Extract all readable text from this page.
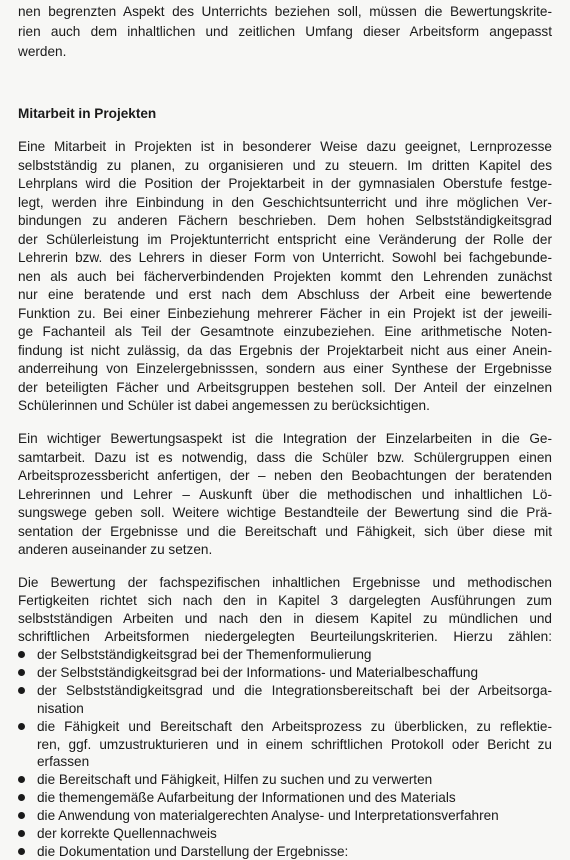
nen begrenzten Aspekt des Unterrichts beziehen soll, müssen die Bewertungskrite-
rien auch dem inhaltlichen und zeitlichen Umfang dieser Arbeitsform angepasst
werden.
Mitarbeit in Projekten
Eine Mitarbeit in Projekten ist in besonderer Weise dazu geeignet, Lernprozesse
selbstständig zu planen, zu organisieren und zu steuern. Im dritten Kapitel des
Lehrplans wird die Position der Projektarbeit in der gymnasialen Oberstufe festge-
legt, werden ihre Einbindung in den Geschichtsunterricht und ihre möglichen Ver-
bindungen zu anderen Fächern beschrieben. Dem hohen Selbstständigkeitsgrad
der Schülerleistung im Projektunterricht entspricht eine Veränderung der Rolle der
Lehrerin bzw. des Lehrers in dieser Form von Unterricht. Sowohl bei fachgebunde-
nen als auch bei fächerverbindenden Projekten kommt den Lehrenden zunächst
nur eine beratende und erst nach dem Abschluss der Arbeit eine bewertende
Funktion zu. Bei einer Einbeziehung mehrerer Fächer in ein Projekt ist der jeweili-
ge Fachanteil als Teil der Gesamtnote einzubeziehen. Eine arithmetische Noten-
findung ist nicht zulässig, da das Ergebnis der Projektarbeit nicht aus einer Anein-
anderreihung von Einzelergebnisssen, sondern aus einer Synthese der Ergebnisse
der beteiligten Fächer und Arbeitsgruppen bestehen soll. Der Anteil der einzelnen
Schülerinnen und Schüler ist dabei angemessen zu berücksichtigen.
Ein wichtiger Bewertungsaspekt ist die Integration der Einzelarbeiten in die Ge-
samtarbeit. Dazu ist es notwendig, dass die Schüler bzw. Schülergruppen einen
Arbeitsprozessbericht anfertigen, der – neben den Beobachtungen der beratenden
Lehrerinnen und Lehrer – Auskunft über die methodischen und inhaltlichen Lö-
sungswege geben soll. Weitere wichtige Bestandteile der Bewertung sind die Prä-
sentation der Ergebnisse und die Bereitschaft und Fähigkeit, sich über diese mit
anderen auseinander zu setzen.
Die Bewertung der fachspezifischen inhaltlichen Ergebnisse und methodischen
Fertigkeiten richtet sich nach den in Kapitel 3 dargelegten Ausführungen zum
selbstständigen Arbeiten und nach den in diesem Kapitel zu mündlichen und
schriftlichen Arbeitsformen niedergelegten Beurteilungskriterien. Hierzu zählen:
der Selbstständigkeitsgrad bei der Themenformulierung
der Selbstständigkeitsgrad bei der Informations- und Materialbeschaffung
der Selbstständigkeitsgrad und die Integrationsbereitschaft bei der Arbeitsorga-
nisation
die Fähigkeit und Bereitschaft den Arbeitsprozess zu überblicken, zu reflektie-
ren, ggf. umzustrukturieren und in einem schriftlichen Protokoll oder Bericht zu
erfassen
die Bereitschaft und Fähigkeit, Hilfen zu suchen und zu verwerten
die themengemäße Aufarbeitung der Informationen und des Materials
die Anwendung von materialgerechten Analyse- und Interpretationsverfahren
der korrekte Quellennachweis
die Dokumentation und Darstellung der Ergebnisse:
